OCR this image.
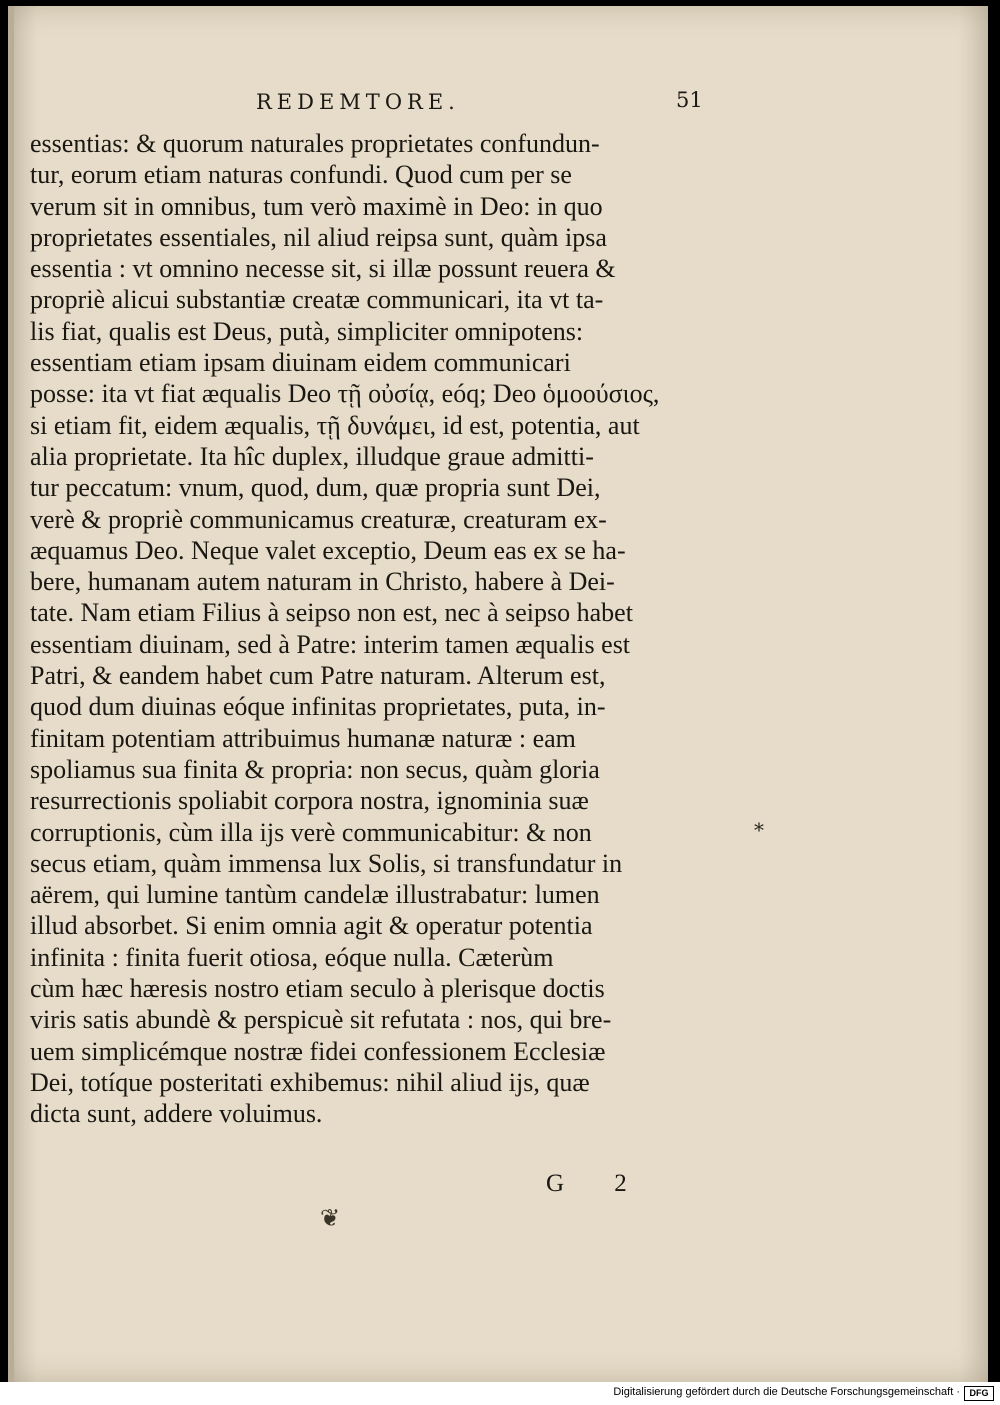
REDEMTORE.	51
essentias: & quorum naturales proprietates confundun-
tur, eorum etiam naturas confundi. Quod cum per se
verum sit in omnibus, tum verò maximè in Deo: in quo
proprietates essentiales, nil aliud reipsa sunt, quàm ipsa
essentia : vt omnino necesse sit, si illæ possunt reuera &
propriè alicui substantiæ creatæ communicari, ita vt ta-
lis fiat, qualis est Deus, putà, simpliciter omnipotens:
essentiam etiam ipsam diuinam eidem communicari
posse: ita vt fiat æqualis Deo τῇ οὐσίᾳ, eóq; Deo ὁμοούσιος,
si etiam fit, eidem æqualis, τῇ δυνάμει, id est, potentia, aut
alia proprietate. Ita hîc duplex, illudque graue admitti-
tur peccatum: vnum, quod, dum, quæ propria sunt Dei,
verè & propriè communicamus creaturæ, creaturam ex-
æquamus Deo. Neque valet exceptio, Deum eas ex se ha-
bere, humanam autem naturam in Christo, habere à Dei-
tate. Nam etiam Filius à seipso non est, nec à seipso habet
essentiam diuinam, sed à Patre: interim tamen æqualis est
Patri, & eandem habet cum Patre naturam. Alterum est,
quod dum diuinas eóque infinitas proprietates, puta, in-
finitam potentiam attribuimus humanæ naturæ : eam
spoliamus sua finita & propria: non secus, quàm gloria
resurrectionis spoliabit corpora nostra, ignominia suæ
corruptionis, cùm illa ijs verè communicabitur: & non
secus etiam, quàm immensa lux Solis, si transfundatur in
aërem, qui lumine tantùm candelæ illustrabatur: lumen
illud absorbet. Si enim omnia agit & operatur potentia
infinita : finita fuerit otiosa, eóque nulla. Cæterùm
cùm hæc hæresis nostro etiam seculo à plerisque doctis
viris satis abundè & perspicuè sit refutata : nos, qui bre-
uem simplicémque nostræ fidei confessionem Ecclesiæ
Dei, totíque posteritati exhibemus: nihil aliud ijs, quæ
dicta sunt, addere voluimus.
*
G 2
❦
Digitalisierung gefördert durch die Deutsche Forschungsgemeinschaft ·	DFG
